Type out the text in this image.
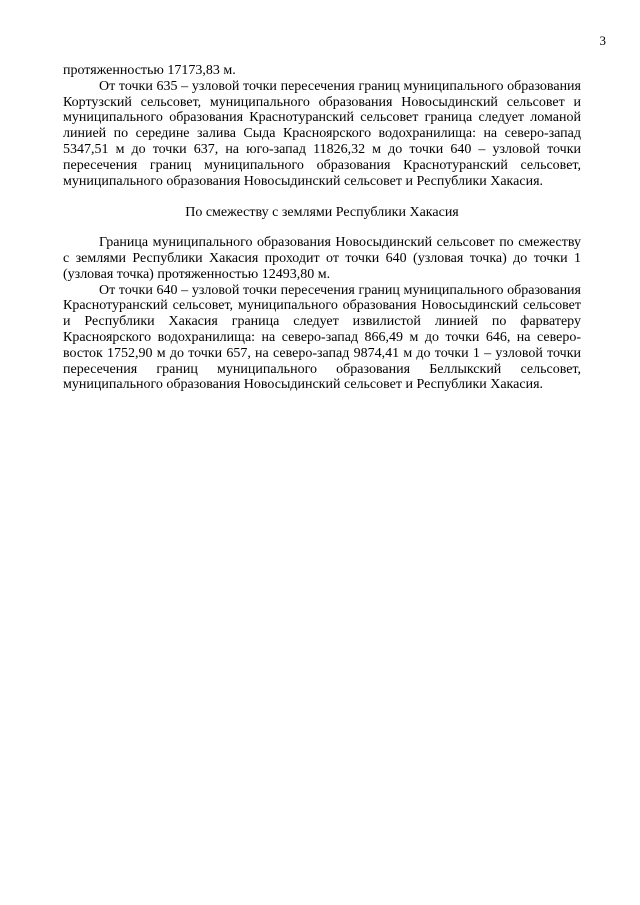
3

протяженностью 17173,83 м.

От точки 635 – узловой точки пересечения границ муниципального образования Кортузский сельсовет, муниципального образования Новосыдинский сельсовет и муниципального образования Краснотуранский сельсовет граница следует ломаной линией по середине залива Сыда Красноярского водохранилища: на северо-запад 5347,51 м до точки 637, на юго-запад 11826,32 м до точки 640 – узловой точки пересечения границ муниципального образования Краснотуранский сельсовет, муниципального образования Новосыдинский сельсовет и Республики Хакасия.

По смежеству с землями Республики Хакасия

Граница муниципального образования Новосыдинский сельсовет по смежеству с землями Республики Хакасия проходит от точки 640 (узловая точка) до точки 1 (узловая точка) протяженностью 12493,80 м.

От точки 640 – узловой точки пересечения границ муниципального образования Краснотуранский сельсовет, муниципального образования Новосыдинский сельсовет и Республики Хакасия граница следует извилистой линией по фарватеру Красноярского водохранилища: на северо-запад 866,49 м до точки 646, на северо-восток 1752,90 м до точки 657, на северо-запад 9874,41 м до точки 1 – узловой точки пересечения границ муниципального образования Беллыкский сельсовет, муниципального образования Новосыдинский сельсовет и Республики Хакасия.
